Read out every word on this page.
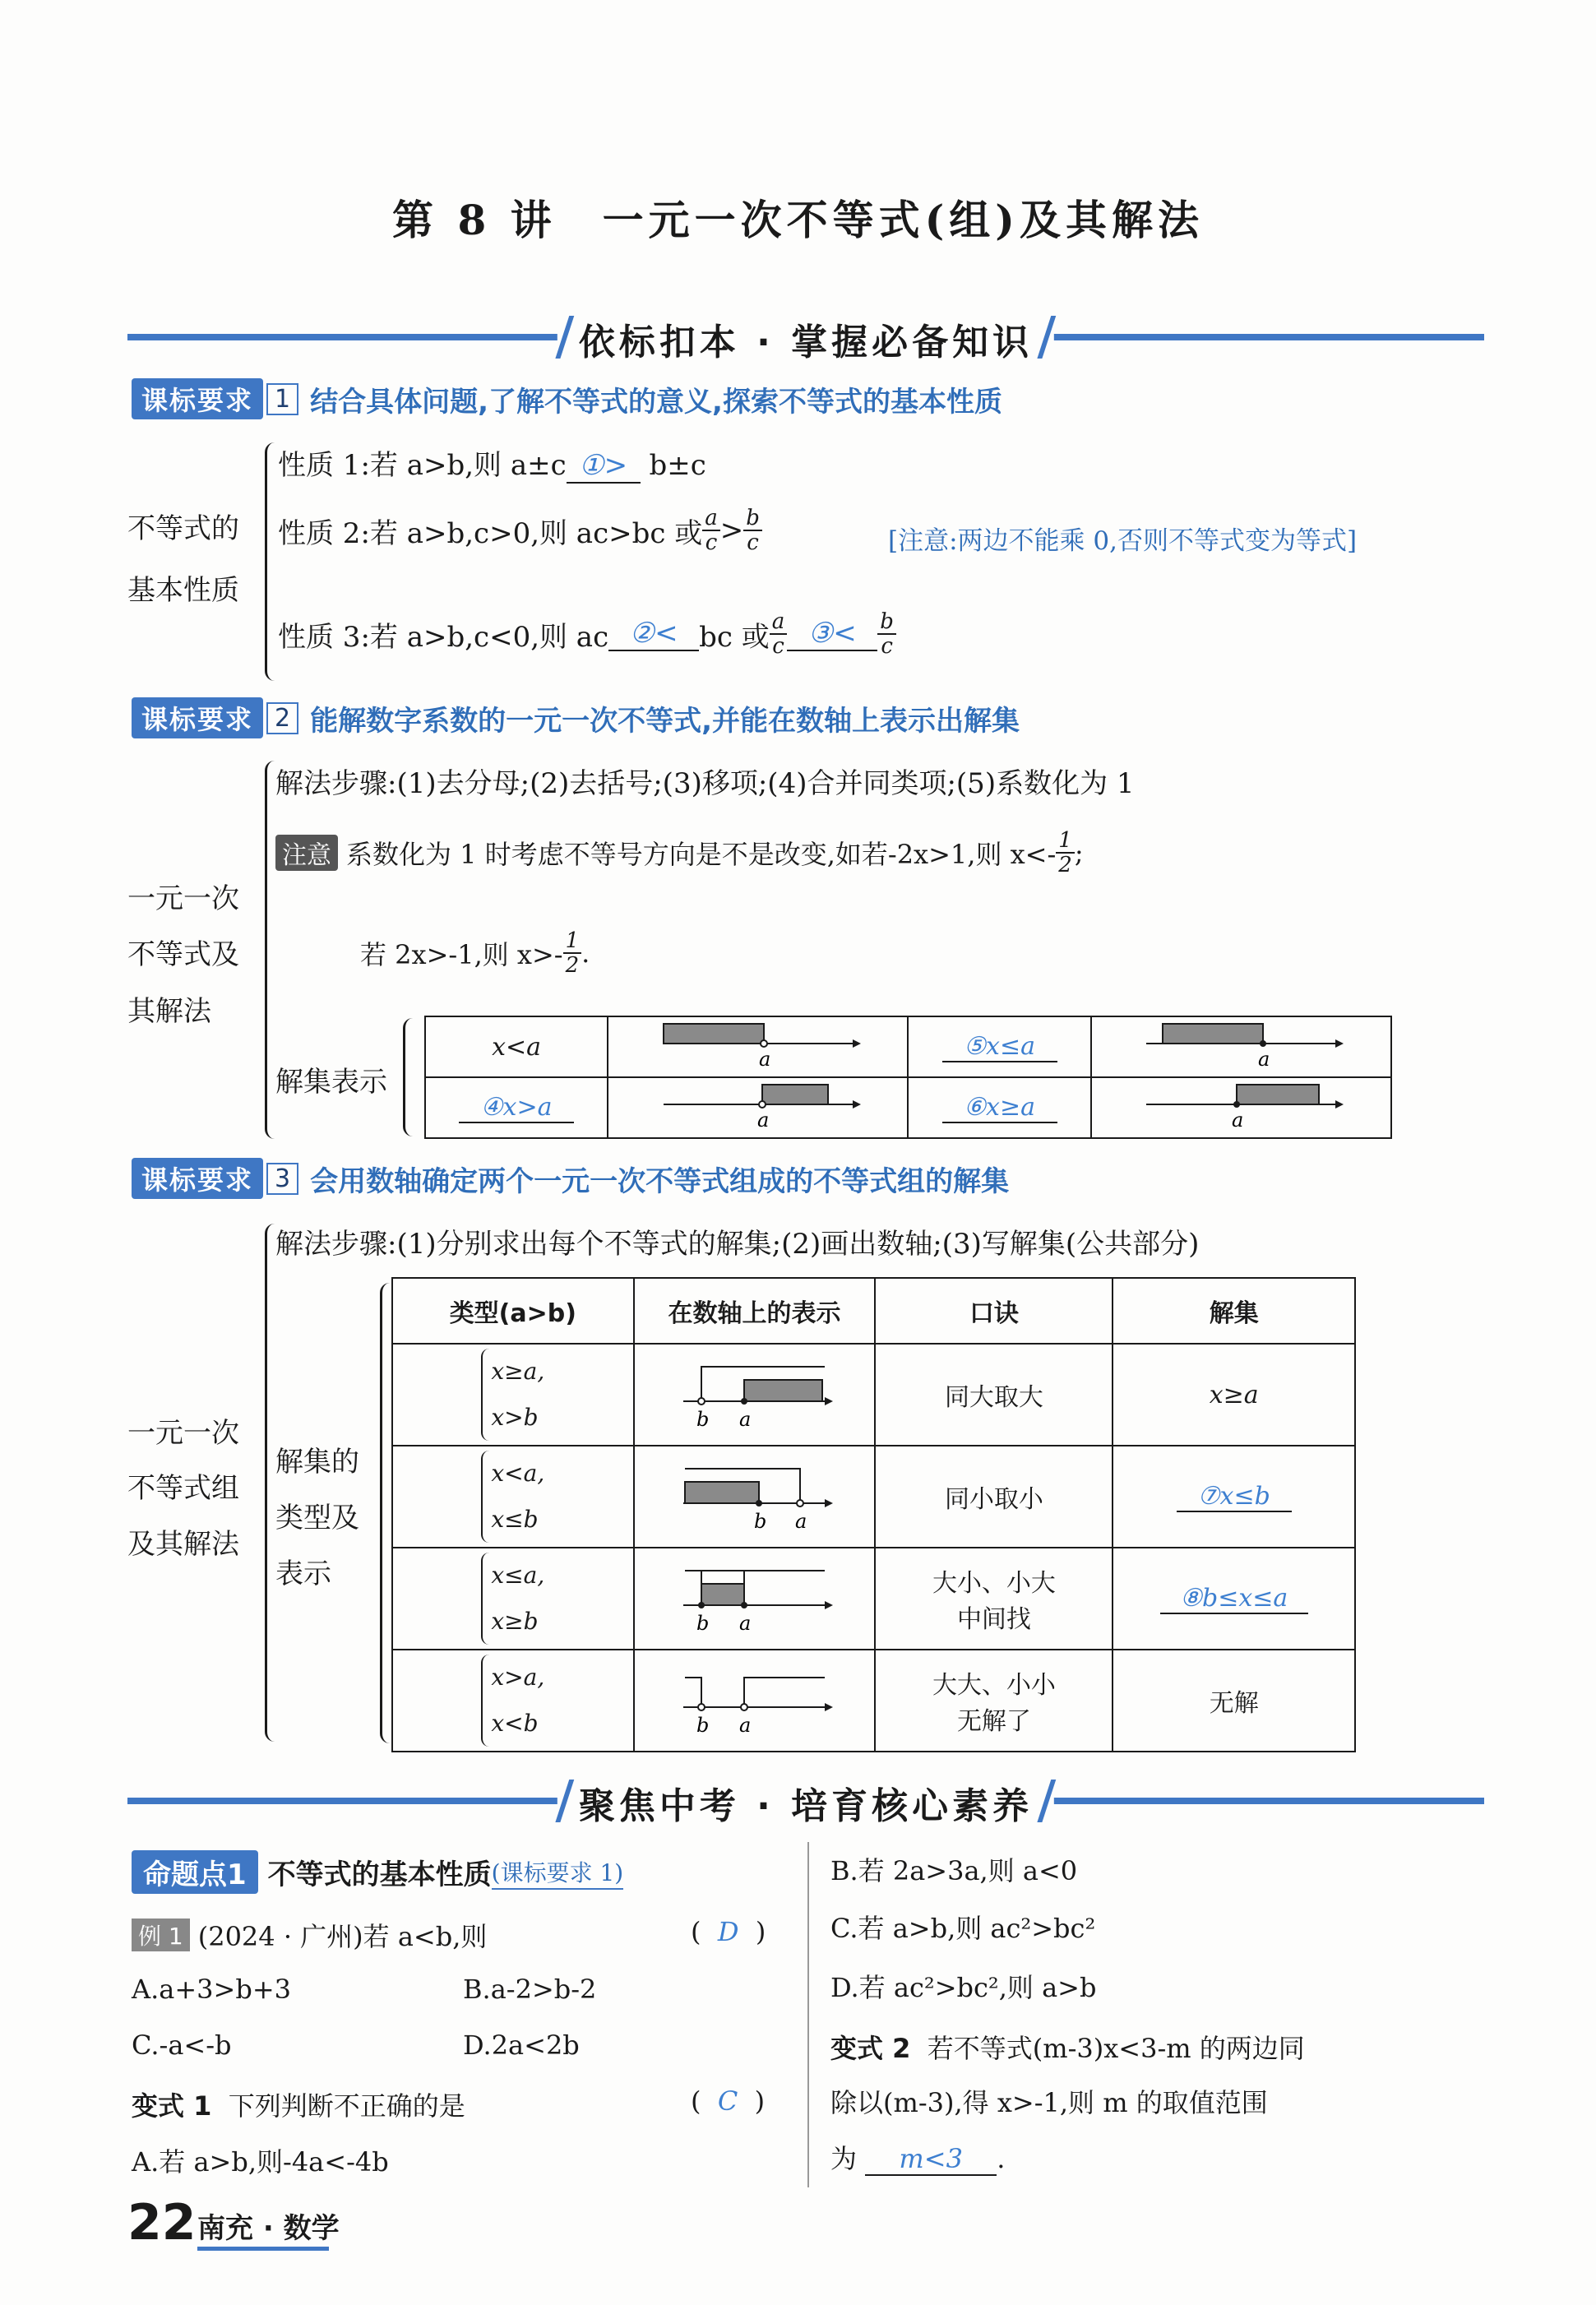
第 8 讲　一元一次不等式(组)及其解法
依标扣本 · 掌握必备知识
课标要求 1 结合具体问题,了解不等式的意义,探索不等式的基本性质
不等式的
基本性质
性质 1:若 a>b,则 a±c ①> b±c
性质 2:若 a>b,c>0,则 ac>bc 或 $\frac{a}{c} > \frac{b}{c}$	[注意:两边不能乘 0,否则不等式变为等式]
性质 3:若 a>b,c<0,则 ac ②< bc 或 $\frac{a}{c}$ ③< $\frac{b}{c}$
课标要求 2 能解数字系数的一元一次不等式,并能在数轴上表示出解集
一元一次
不等式及
其解法
解法步骤:(1)去分母;(2)去括号;(3)移项;(4)合并同类项;(5)系数化为 1
注意 系数化为 1 时考虑不等号方向是不是改变,如若-2x>1,则 $x<- \frac{1}{2}$ ;
若 2x>-1,则 $x>- \frac{1}{2}$ .
解集表示
x<a	a	⑤x≤a	a

④x>a	a	⑥x≥a	a
课标要求 3 会用数轴确定两个一元一次不等式组成的不等式组的解集
一元一次
不等式组
及其解法
解法步骤:(1)分别求出每个不等式的解集;(2)画出数轴;(3)写解集(公共部分)
解集的
类型及
表示
类型(a>b)	在数轴上的表示	口诀	解集
x≥a,
x>b	b a	同大取大	x≥a
x<a,
x≤b	b a	同小取小	⑦x≤b
x≤a,
x≥b	b a	大小、小大
中间找	⑧b≤x≤a
x>a,
x<b	b a	大大、小小
无解了	无解
聚焦中考 · 培育核心素养
命题点1 不等式的基本性质 (课标要求 1)
例 1 (2024 · 广州)若 a<b,则	( D )
A.a+3>b+3	B.a-2>b-2
C.-a<-b	D.2a<2b
变式 1 下列判断不正确的是	( C )
A.若 a>b,则-4a<-4b
B.若 2a>3a,则 a<0
C.若 a>b,则 ac²>bc²
D.若 ac²>bc²,则 a>b
变式 2 若不等式(m-3)x<3-m 的两边同
除以(m-3),得 x>-1,则 m 的取值范围
为 m<3 .
22 南充 · 数学
